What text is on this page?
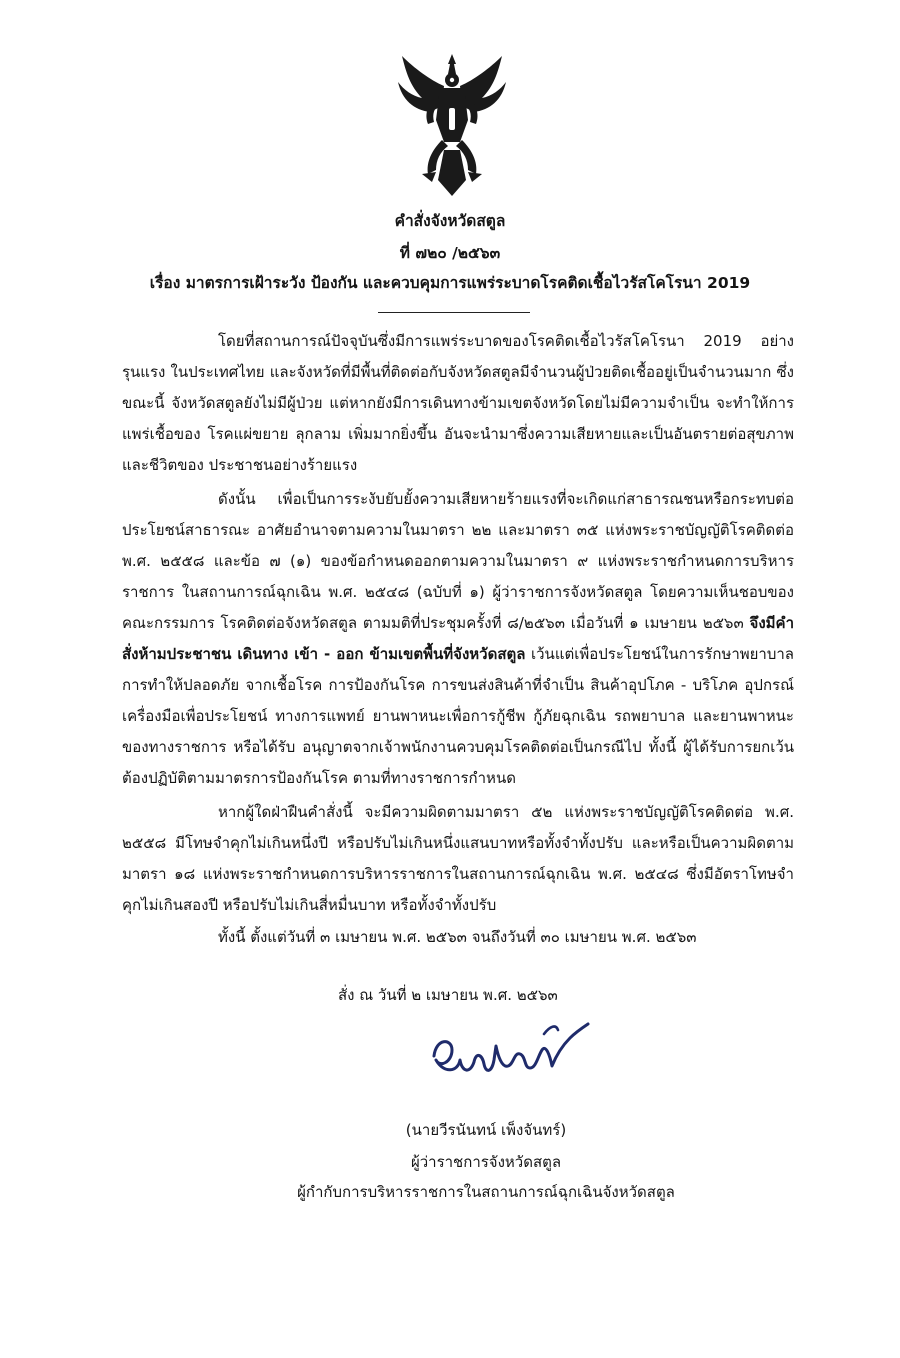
คำสั่งจังหวัดสตูล
ที่ ๗๒๐ /๒๕๖๓
เรื่อง มาตรการเฝ้าระวัง ป้องกัน และควบคุมการแพร่ระบาดโรคติดเชื้อไวรัสโคโรนา 2019

โดยที่สถานการณ์ปัจจุบันซึ่งมีการแพร่ระบาดของโรคติดเชื้อไวรัสโคโรนา 2019 อย่างรุนแรง ในประเทศไทย และจังหวัดที่มีพื้นที่ติดต่อกับจังหวัดสตูลมีจำนวนผู้ป่วยติดเชื้ออยู่เป็นจำนวนมาก ซึ่งขณะนี้ จังหวัดสตูลยังไม่มีผู้ป่วย แต่หากยังมีการเดินทางข้ามเขตจังหวัดโดยไม่มีความจำเป็น จะทำให้การแพร่เชื้อของ โรคแผ่ขยาย ลุกลาม เพิ่มมากยิ่งขึ้น อันจะนำมาซึ่งความเสียหายและเป็นอันตรายต่อสุขภาพและชีวิตของ ประชาชนอย่างร้ายแรง

ดังนั้น เพื่อเป็นการระงับยับยั้งความเสียหายร้ายแรงที่จะเกิดแก่สาธารณชนหรือกระทบต่อ ประโยชน์สาธารณะ อาศัยอำนาจตามความในมาตรา ๒๒ และมาตรา ๓๕ แห่งพระราชบัญญัติโรคติดต่อ พ.ศ. ๒๕๕๘ และข้อ ๗ (๑) ของข้อกำหนดออกตามความในมาตรา ๙ แห่งพระราชกำหนดการบริหารราชการ ในสถานการณ์ฉุกเฉิน พ.ศ. ๒๕๔๘ (ฉบับที่ ๑) ผู้ว่าราชการจังหวัดสตูล โดยความเห็นชอบของคณะกรรมการ โรคติดต่อจังหวัดสตูล ตามมติที่ประชุมครั้งที่ ๘/๒๕๖๓ เมื่อวันที่ ๑ เมษายน ๒๕๖๓ จึงมีคำสั่งห้ามประชาชน เดินทาง เข้า - ออก ข้ามเขตพื้นที่จังหวัดสตูล เว้นแต่เพื่อประโยชน์ในการรักษาพยาบาล การทำให้ปลอดภัย จากเชื้อโรค การป้องกันโรค การขนส่งสินค้าที่จำเป็น สินค้าอุปโภค - บริโภค อุปกรณ์เครื่องมือเพื่อประโยชน์ ทางการแพทย์ ยานพาหนะเพื่อการกู้ชีพ กู้ภัยฉุกเฉิน รถพยาบาล และยานพาหนะของทางราชการ หรือได้รับ อนุญาตจากเจ้าพนักงานควบคุมโรคติดต่อเป็นกรณีไป ทั้งนี้ ผู้ได้รับการยกเว้นต้องปฏิบัติตามมาตรการป้องกันโรค ตามที่ทางราชการกำหนด

หากผู้ใดฝ่าฝืนคำสั่งนี้ จะมีความผิดตามมาตรา ๕๒ แห่งพระราชบัญญัติโรคติดต่อ พ.ศ. ๒๕๕๘ มีโทษจำคุกไม่เกินหนึ่งปี หรือปรับไม่เกินหนึ่งแสนบาทหรือทั้งจำทั้งปรับ และหรือเป็นความผิดตามมาตรา ๑๘ แห่งพระราชกำหนดการบริหารราชการในสถานการณ์ฉุกเฉิน พ.ศ. ๒๕๔๘ ซึ่งมีอัตราโทษจำคุกไม่เกินสองปี หรือปรับไม่เกินสี่หมื่นบาท หรือทั้งจำทั้งปรับ

ทั้งนี้ ตั้งแต่วันที่ ๓ เมษายน พ.ศ. ๒๕๖๓ จนถึงวันที่ ๓๐ เมษายน พ.ศ. ๒๕๖๓
สั่ง ณ วันที่ ๒ เมษายน พ.ศ. ๒๕๖๓
(นายวีรนันทน์ เพ็งจันทร์)
ผู้ว่าราชการจังหวัดสตูล
ผู้กำกับการบริหารราชการในสถานการณ์ฉุกเฉินจังหวัดสตูล
